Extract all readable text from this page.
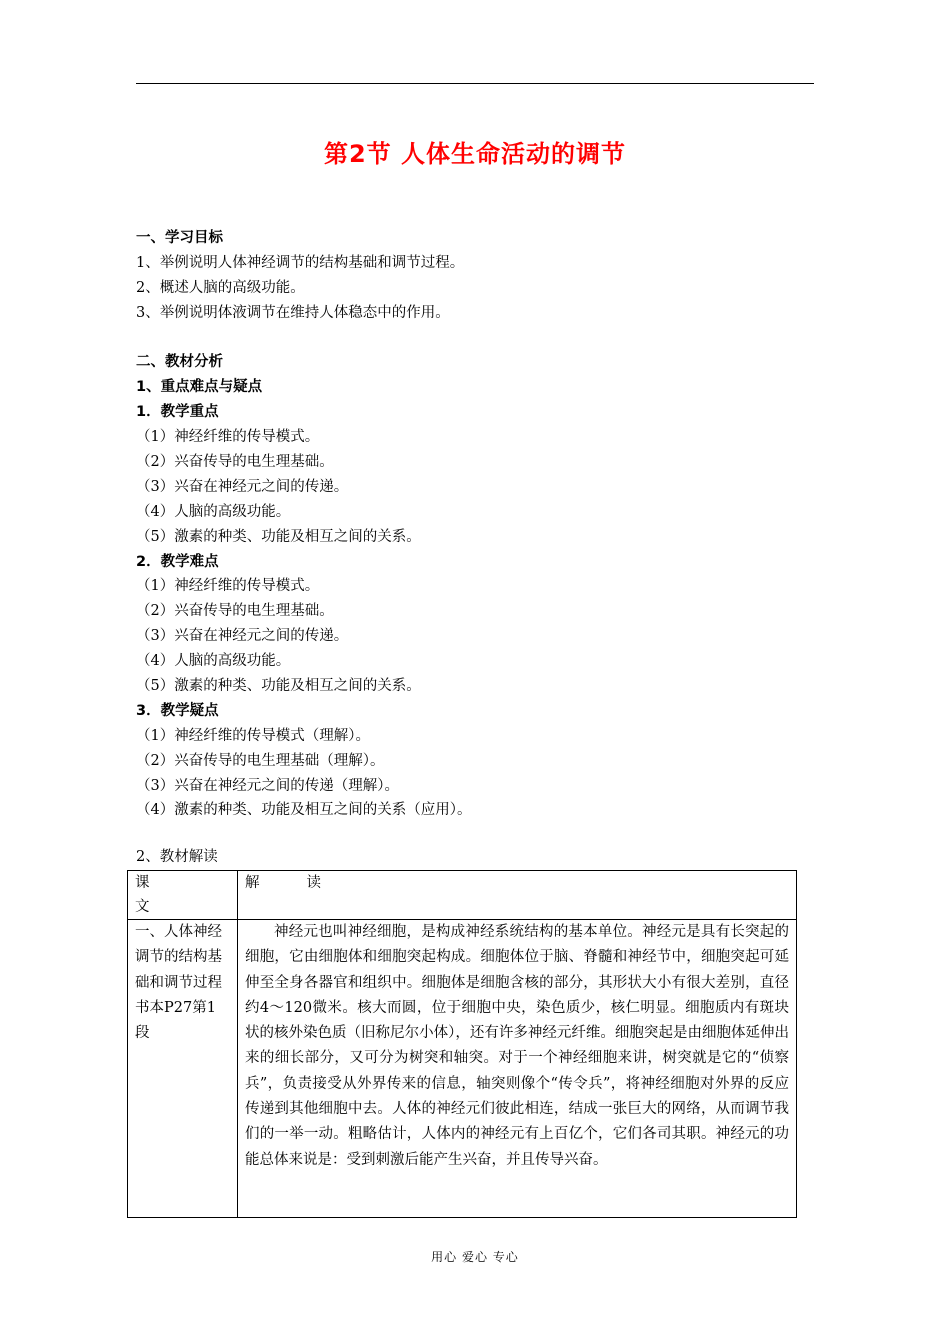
第2节 人体生命活动的调节
一、学习目标
1、举例说明人体神经调节的结构基础和调节过程。
2、概述人脑的高级功能。
3、举例说明体液调节在维持人体稳态中的作用。
二、教材分析
1、重点难点与疑点
1．教学重点
（1）神经纤维的传导模式。
（2）兴奋传导的电生理基础。
（3）兴奋在神经元之间的传递。
（4）人脑的高级功能。
（5）激素的种类、功能及相互之间的关系。
2．教学难点
（1）神经纤维的传导模式。
（2）兴奋传导的电生理基础。
（3）兴奋在神经元之间的传递。
（4）人脑的高级功能。
（5）激素的种类、功能及相互之间的关系。
3．教学疑点
（1）神经纤维的传导模式（理解）。
（2）兴奋传导的电生理基础（理解）。
（3）兴奋在神经元之间的传递（理解）。
（4）激素的种类、功能及相互之间的关系（应用）。
2、教材解读
课文	解读

一、人体神经调节的结构基础和调节过程
书本P27第1段	神经元也叫神经细胞，是构成神经系统结构的基本单位。神经元是具有长突起的细胞，它由细胞体和细胞突起构成。细胞体位于脑、脊髓和神经节中，细胞突起可延伸至全身各器官和组织中。细胞体是细胞含核的部分，其形状大小有很大差别，直径约4～120微米。核大而圆，位于细胞中央，染色质少，核仁明显。细胞质内有斑块状的核外染色质（旧称尼尔小体），还有许多神经元纤维。细胞突起是由细胞体延伸出来的细长部分，又可分为树突和轴突。对于一个神经细胞来讲，树突就是它的“侦察兵”，负责接受从外界传来的信息，轴突则像个“传令兵”，将神经细胞对外界的反应传递到其他细胞中去。人体的神经元们彼此相连，结成一张巨大的网络，从而调节我们的一举一动。粗略估计，人体内的神经元有上百亿个，它们各司其职。神经元的功能总体来说是：受到刺激后能产生兴奋，并且传导兴奋。
用心 爱心 专心
